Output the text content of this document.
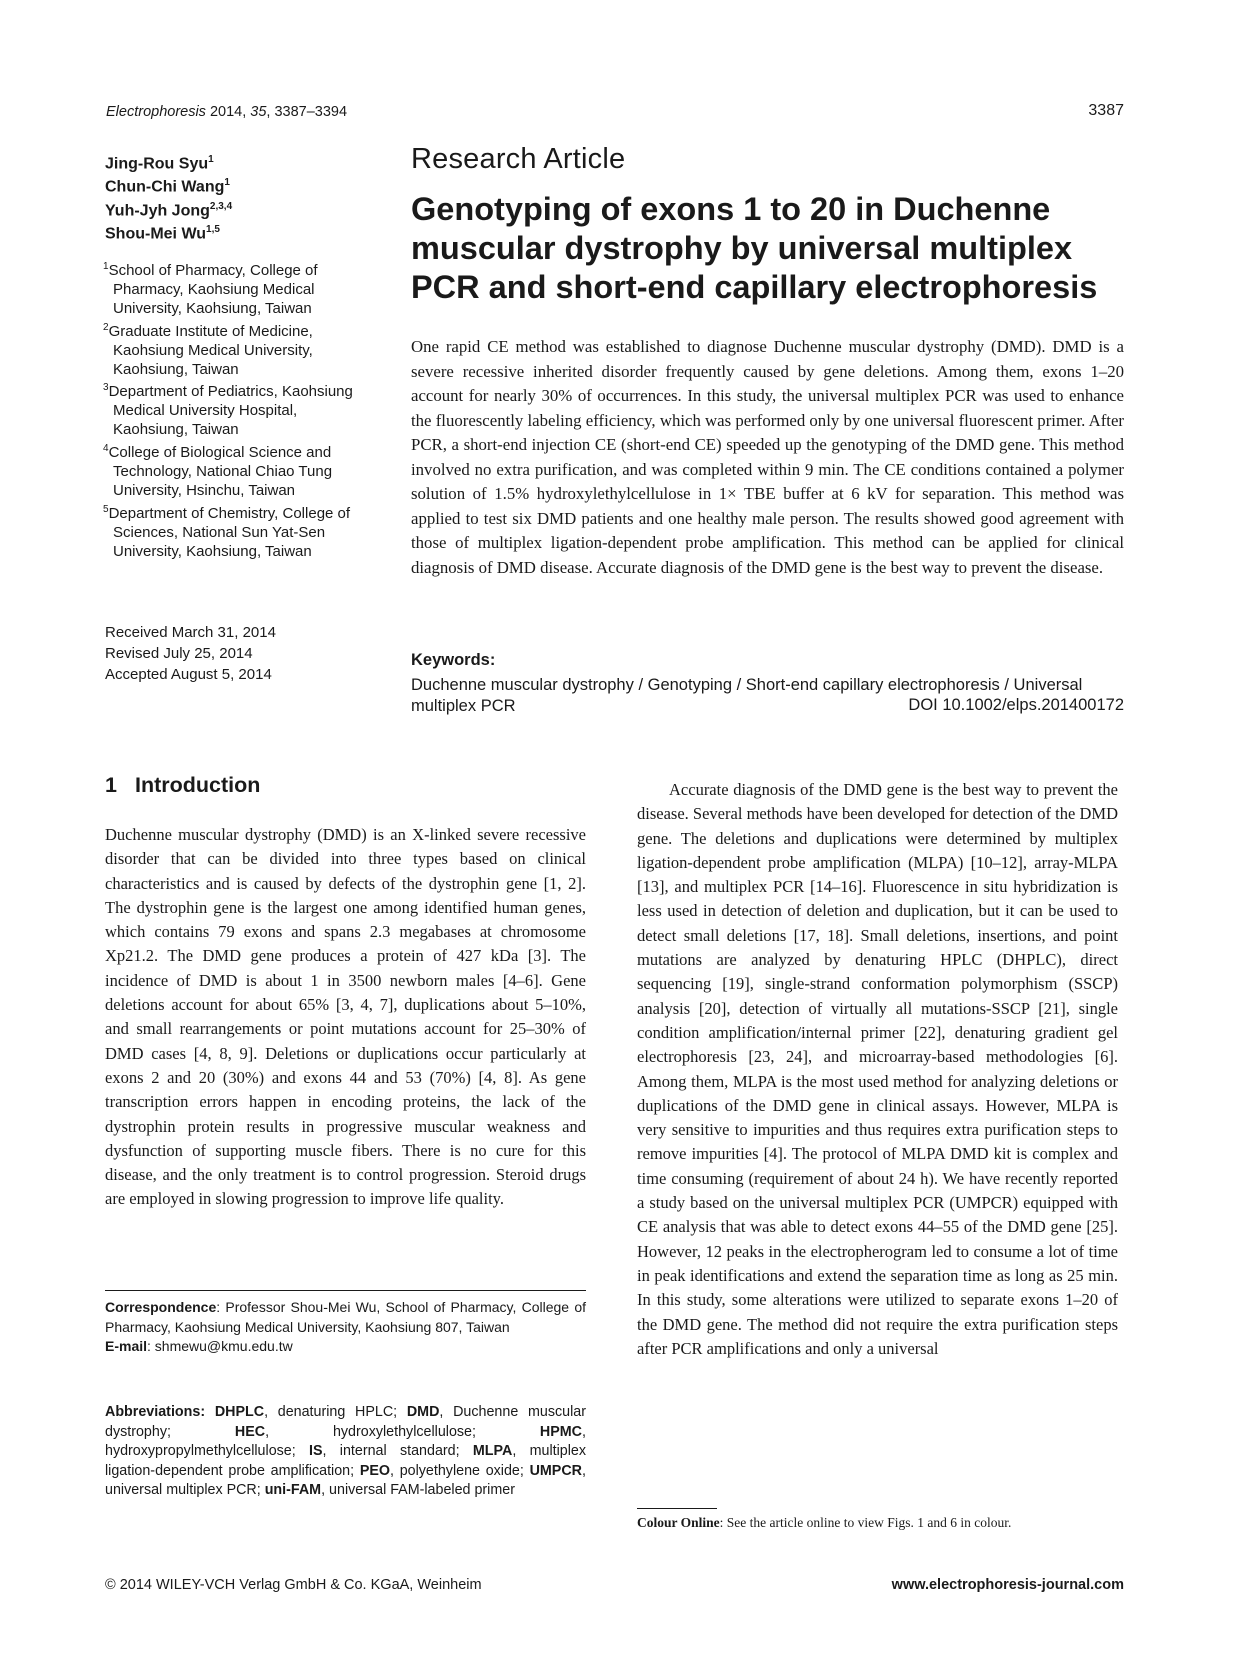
Electrophoresis 2014, 35, 3387–3394	3387
Jing-Rou Syu$^1$
Chun-Chi Wang$^1$
Yuh-Jyh Jong$^{2,3,4}$
Shou-Mei Wu$^{1,5}$
$^1$School of Pharmacy, College of Pharmacy, Kaohsiung Medical University, Kaohsiung, Taiwan
$^2$Graduate Institute of Medicine, Kaohsiung Medical University, Kaohsiung, Taiwan
$^3$Department of Pediatrics, Kaohsiung Medical University Hospital, Kaohsiung, Taiwan
$^4$College of Biological Science and Technology, National Chiao Tung University, Hsinchu, Taiwan
$^5$Department of Chemistry, College of Sciences, National Sun Yat-Sen University, Kaohsiung, Taiwan
Received March 31, 2014
Revised July 25, 2014
Accepted August 5, 2014
Research Article
Genotyping of exons 1 to 20 in Duchenne muscular dystrophy by universal multiplex PCR and short-end capillary electrophoresis
One rapid CE method was established to diagnose Duchenne muscular dystrophy (DMD). DMD is a severe recessive inherited disorder frequently caused by gene deletions. Among them, exons 1–20 account for nearly 30% of occurrences. In this study, the universal multiplex PCR was used to enhance the fluorescently labeling efficiency, which was performed only by one universal fluorescent primer. After PCR, a short-end injection CE (short-end CE) speeded up the genotyping of the DMD gene. This method involved no extra purification, and was completed within 9 min. The CE conditions contained a polymer solution of 1.5% hydroxylethylcellulose in 1× TBE buffer at 6 kV for separation. This method was applied to test six DMD patients and one healthy male person. The results showed good agreement with those of multiplex ligation-dependent probe amplification. This method can be applied for clinical diagnosis of DMD disease. Accurate diagnosis of the DMD gene is the best way to prevent the disease.
Keywords:
Duchenne muscular dystrophy / Genotyping / Short-end capillary electrophoresis / Universal multiplex PCR	DOI 10.1002/elps.201400172
1 Introduction
Duchenne muscular dystrophy (DMD) is an X-linked severe recessive disorder that can be divided into three types based on clinical characteristics and is caused by defects of the dystrophin gene [1, 2]. The dystrophin gene is the largest one among identified human genes, which contains 79 exons and spans 2.3 megabases at chromosome Xp21.2. The DMD gene produces a protein of 427 kDa [3]. The incidence of DMD is about 1 in 3500 newborn males [4–6]. Gene deletions account for about 65% [3, 4, 7], duplications about 5–10%, and small rearrangements or point mutations account for 25–30% of DMD cases [4, 8, 9]. Deletions or duplications occur particularly at exons 2 and 20 (30%) and exons 44 and 53 (70%) [4, 8]. As gene transcription errors happen in encoding proteins, the lack of the dystrophin protein results in progressive muscular weakness and dysfunction of supporting muscle fibers. There is no cure for this disease, and the only treatment is to control progression. Steroid drugs are employed in slowing progression to improve life quality.
Correspondence: Professor Shou-Mei Wu, School of Pharmacy, College of Pharmacy, Kaohsiung Medical University, Kaohsiung 807, Taiwan
E-mail: shmewu@kmu.edu.tw
Abbreviations: DHPLC, denaturing HPLC; DMD, Duchenne muscular dystrophy; HEC, hydroxylethylcellulose; HPMC, hydroxypropylmethylcellulose; IS, internal standard; MLPA, multiplex ligation-dependent probe amplification; PEO, polyethylene oxide; UMPCR, universal multiplex PCR; uni-FAM, universal FAM-labeled primer
Accurate diagnosis of the DMD gene is the best way to prevent the disease. Several methods have been developed for detection of the DMD gene. The deletions and duplications were determined by multiplex ligation-dependent probe amplification (MLPA) [10–12], array-MLPA [13], and multiplex PCR [14–16]. Fluorescence in situ hybridization is less used in detection of deletion and duplication, but it can be used to detect small deletions [17, 18]. Small deletions, insertions, and point mutations are analyzed by denaturing HPLC (DHPLC), direct sequencing [19], single-strand conformation polymorphism (SSCP) analysis [20], detection of virtually all mutations-SSCP [21], single condition amplification/internal primer [22], denaturing gradient gel electrophoresis [23, 24], and microarray-based methodologies [6]. Among them, MLPA is the most used method for analyzing deletions or duplications of the DMD gene in clinical assays. However, MLPA is very sensitive to impurities and thus requires extra purification steps to remove impurities [4]. The protocol of MLPA DMD kit is complex and time consuming (requirement of about 24 h). We have recently reported a study based on the universal multiplex PCR (UMPCR) equipped with CE analysis that was able to detect exons 44–55 of the DMD gene [25]. However, 12 peaks in the electropherogram led to consume a lot of time in peak identifications and extend the separation time as long as 25 min. In this study, some alterations were utilized to separate exons 1–20 of the DMD gene. The method did not require the extra purification steps after PCR amplifications and only a universal
Colour Online: See the article online to view Figs. 1 and 6 in colour.
© 2014 WILEY-VCH Verlag GmbH & Co. KGaA, Weinheim	www.electrophoresis-journal.com
